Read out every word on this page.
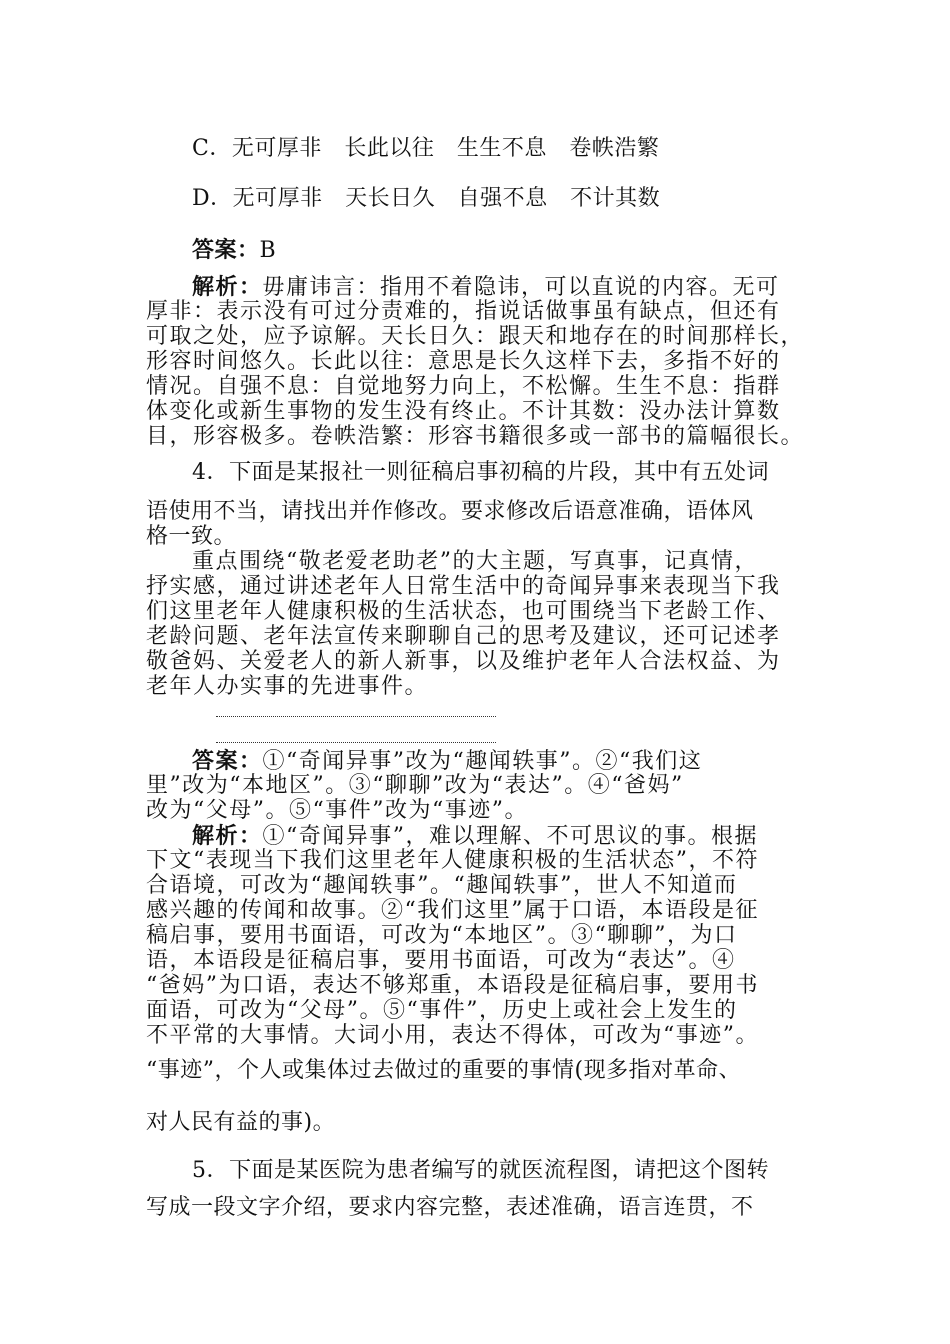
C．无可厚非　长此以往　生生不息　卷帙浩繁
D．无可厚非　天长日久　自强不息　不计其数
答案：B
解析：毋庸讳言：指用不着隐讳，可以直说的内容。无可
厚非：表示没有可过分责难的，指说话做事虽有缺点，但还有
可取之处，应予谅解。天长日久：跟天和地存在的时间那样长，
形容时间悠久。长此以往：意思是长久这样下去，多指不好的
情况。自强不息：自觉地努力向上，不松懈。生生不息：指群
体变化或新生事物的发生没有终止。不计其数：没办法计算数
目，形容极多。卷帙浩繁：形容书籍很多或一部书的篇幅很长。
4．下面是某报社一则征稿启事初稿的片段，其中有五处词
语使用不当，请找出并作修改。要求修改后语意准确，语体风
格一致。
重点围绕“敬老爱老助老”的大主题，写真事，记真情，
抒实感，通过讲述老年人日常生活中的奇闻异事来表现当下我
们这里老年人健康积极的生活状态，也可围绕当下老龄工作、
老龄问题、老年法宣传来聊聊自己的思考及建议，还可记述孝
敬爸妈、关爱老人的新人新事，以及维护老年人合法权益、为
老年人办实事的先进事件。
答案：①“奇闻异事”改为“趣闻轶事”。②“我们这
里”改为“本地区”。③“聊聊”改为“表达”。④“爸妈”
改为“父母”。⑤“事件”改为“事迹”。
解析：①“奇闻异事”，难以理解、不可思议的事。根据
下文“表现当下我们这里老年人健康积极的生活状态”，不符
合语境，可改为“趣闻轶事”。“趣闻轶事”，世人不知道而
感兴趣的传闻和故事。②“我们这里”属于口语，本语段是征
稿启事，要用书面语，可改为“本地区”。③“聊聊”，为口
语，本语段是征稿启事，要用书面语，可改为“表达”。④
“爸妈”为口语，表达不够郑重，本语段是征稿启事，要用书
面语，可改为“父母”。⑤“事件”，历史上或社会上发生的
不平常的大事情。大词小用，表达不得体，可改为“事迹”。
“事迹”，个人或集体过去做过的重要的事情(现多指对革命、
对人民有益的事)。
5．下面是某医院为患者编写的就医流程图，请把这个图转
写成一段文字介绍，要求内容完整，表述准确，语言连贯，不
